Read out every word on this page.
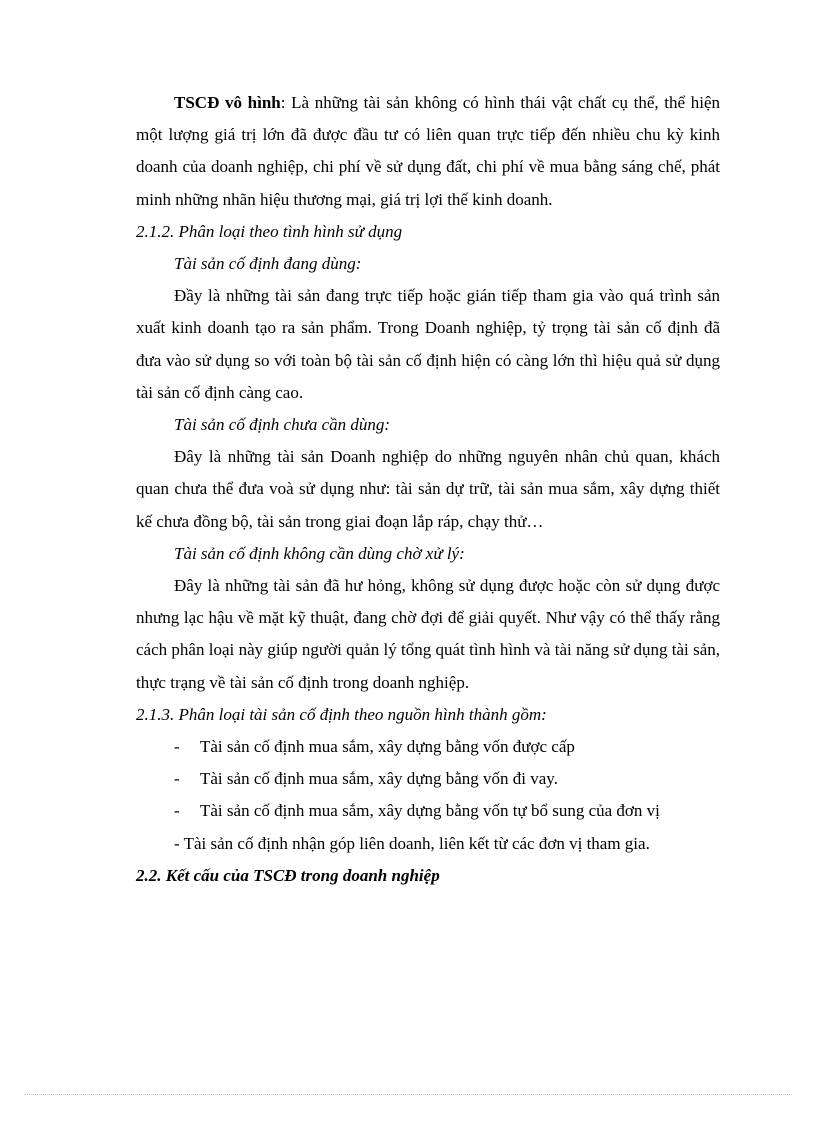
TSCĐ vô hình: Là những tài sản không có hình thái vật chất cụ thể, thể hiện một lượng giá trị lớn đã được đầu tư có liên quan trực tiếp đến nhiều chu kỳ kinh doanh của doanh nghiệp, chi phí về sử dụng đất, chi phí về mua bằng sáng chế, phát minh những nhãn hiệu thương mại, giá trị lợi thế kinh doanh.

2.1.2. Phân loại theo tình hình sử dụng

Tài sản cố định đang dùng:

Đầy là những tài sản đang trực tiếp hoặc gián tiếp tham gia vào quá trình sản xuất kinh doanh tạo ra sản phẩm. Trong Doanh nghiệp, tỷ trọng tài sản cố định đã đưa vào sử dụng so với toàn bộ tài sản cố định hiện có càng lớn thì hiệu quả sử dụng tài sản cố định càng cao.

Tài sản cố định chưa cần dùng:

Đây là những tài sản Doanh nghiệp do những nguyên nhân chủ quan, khách quan chưa thể đưa voà sử dụng như: tài sản dự trữ, tài sản mua sắm, xây dựng thiết kế chưa đồng bộ, tài sản trong giai đoạn lắp ráp, chạy thử…

Tài sản cố định không cần dùng chờ xử lý:

Đây là những tài sản đã hư hỏng, không sử dụng được hoặc còn sử dụng được nhưng lạc hậu về mặt kỹ thuật, đang chờ đợi để giải quyết. Như vậy có thể thấy rằng cách phân loại này giúp người quản lý tổng quát tình hình và tài năng sử dụng tài sản, thực trạng về tài sản cố định trong doanh nghiệp.

2.1.3. Phân loại tài sản cố định theo nguồn hình thành gồm:

-	Tài sản cố định mua sắm, xây dựng bằng vốn được cấp
-	Tài sản cố định mua sắm, xây dựng bằng vốn đi vay.
-	Tài sản cố định mua sắm, xây dựng bằng vốn tự bổ sung của đơn vị

- Tài sản cố định nhận góp liên doanh, liên kết từ các đơn vị tham gia.

2.2. Kết cấu của TSCĐ trong doanh nghiệp
